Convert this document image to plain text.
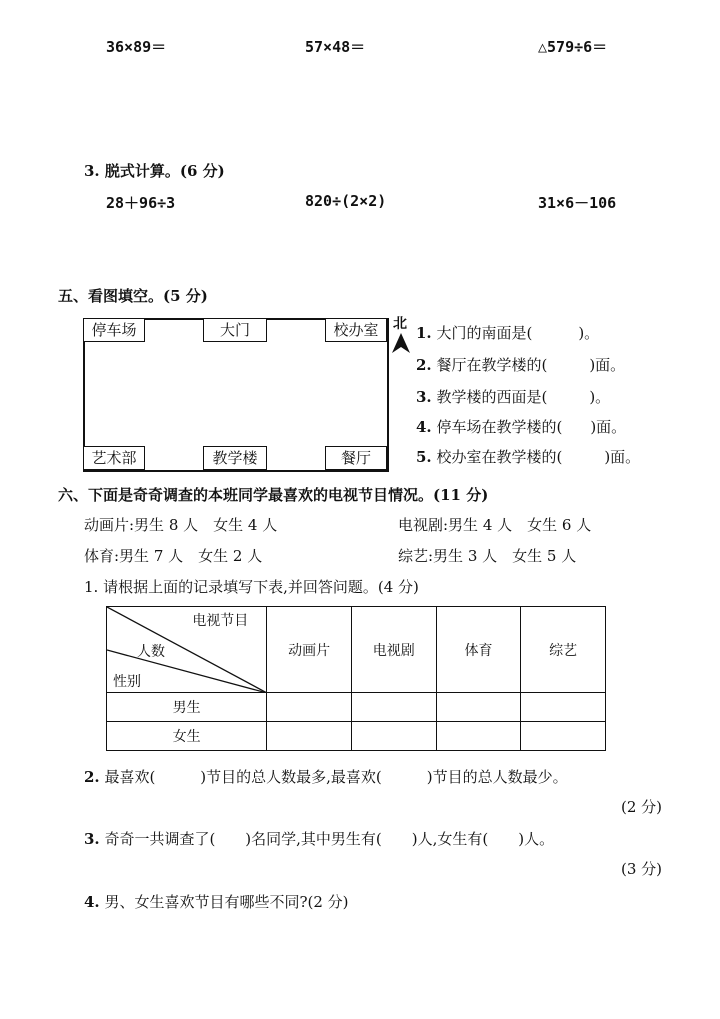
36×89＝	57×48＝	△579÷6＝
3. 脱式计算。(6 分)
28＋96÷3	820÷(2×2)	31×6－106
五、看图填空。(5 分)
停车场	大门	校办室
艺术部	教学楼	餐厅
北 1. 大门的南面是(	)。
2. 餐厅在教学楼的(	)面。
3. 教学楼的西面是(	)。
4. 停车场在教学楼的( )面。
5. 校办室在教学楼的(	)面。
六、下面是奇奇调查的本班同学最喜欢的电视节目情况。(11 分)
动画片:男生 8 人　女生 4 人	电视剧:男生 4 人　女生 6 人
体育:男生 7 人　女生 2 人	综艺:男生 3 人　女生 5 人
1. 请根据上面的记录填写下表,并回答问题。(4 分)
电视节目
人数
性别	动画片	电视剧	体育	综艺
男生				
女生				
2. 最喜欢(　　　)节目的总人数最多,最喜欢(　　　)节目的总人数最少。
(2 分)
3. 奇奇一共调查了(　　)名同学,其中男生有(　　)人,女生有(　　)人。
(3 分)
4. 男、女生喜欢节目有哪些不同?(2 分)
